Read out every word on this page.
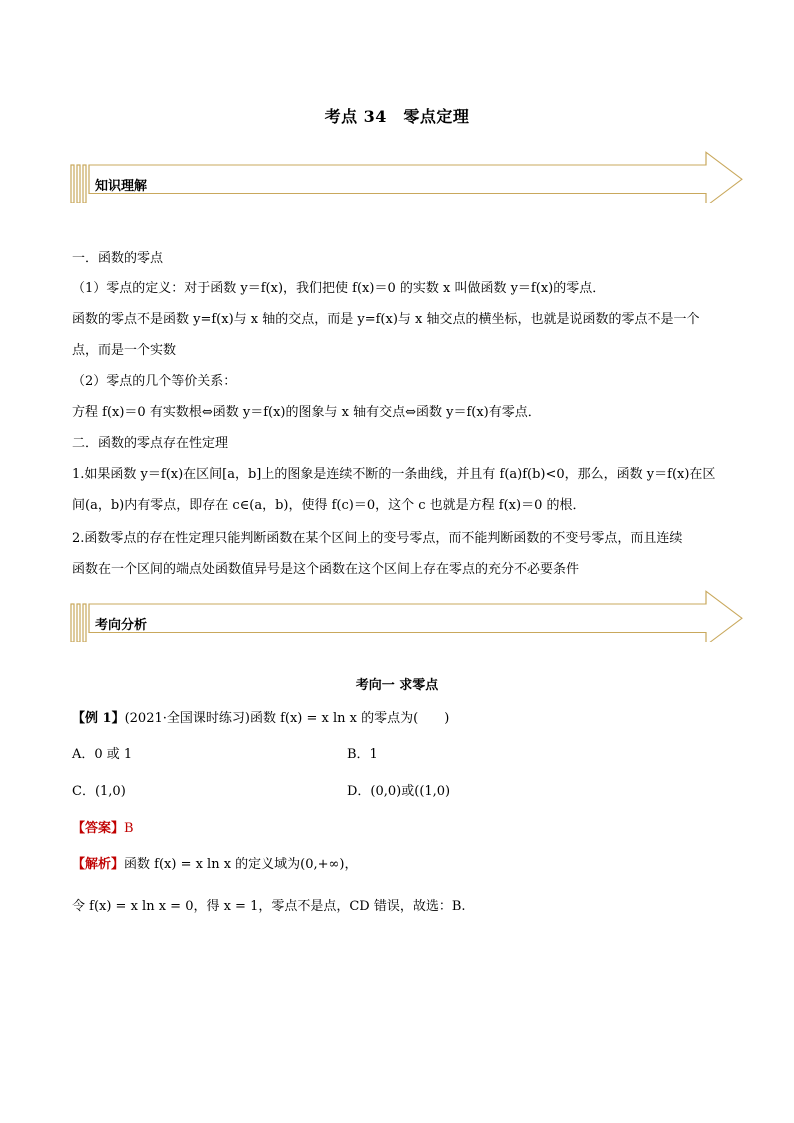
考点 34　零点定理
知识理解
一．函数的零点
（1）零点的定义：对于函数 y＝f(x)，我们把使 f(x)＝0 的实数 x 叫做函数 y＝f(x)的零点．
函数的零点不是函数 y=f(x)与 x 轴的交点，而是 y=f(x)与 x 轴交点的横坐标，也就是说函数的零点不是一个
点，而是一个实数
（2）零点的几个等价关系：
方程 f(x)＝0 有实数根⇔函数 y＝f(x)的图象与 x 轴有交点⇔函数 y＝f(x)有零点．
二．函数的零点存在性定理
1.如果函数 y＝f(x)在区间[a，b]上的图象是连续不断的一条曲线，并且有 f(a)f(b)<0，那么，函数 y＝f(x)在区
间(a，b)内有零点，即存在 c∈(a，b)，使得 f(c)＝0，这个 c 也就是方程 f(x)＝0 的根．
2.函数零点的存在性定理只能判断函数在某个区间上的变号零点，而不能判断函数的不变号零点，而且连续
函数在一个区间的端点处函数值异号是这个函数在这个区间上存在零点的充分不必要条件
考向分析
考向一 求零点
【例 1】(2021·全国课时练习)函数 f(x) = x ln x 的零点为(　　)
A．0 或 1	B．1
C．(1,0)	D．(0,0)或((1,0)
【答案】B
【解析】函数 f(x) = x ln x 的定义域为(0,+∞)，
令 f(x) = x ln x = 0，得 x = 1，零点不是点，CD 错误，故选：B.
